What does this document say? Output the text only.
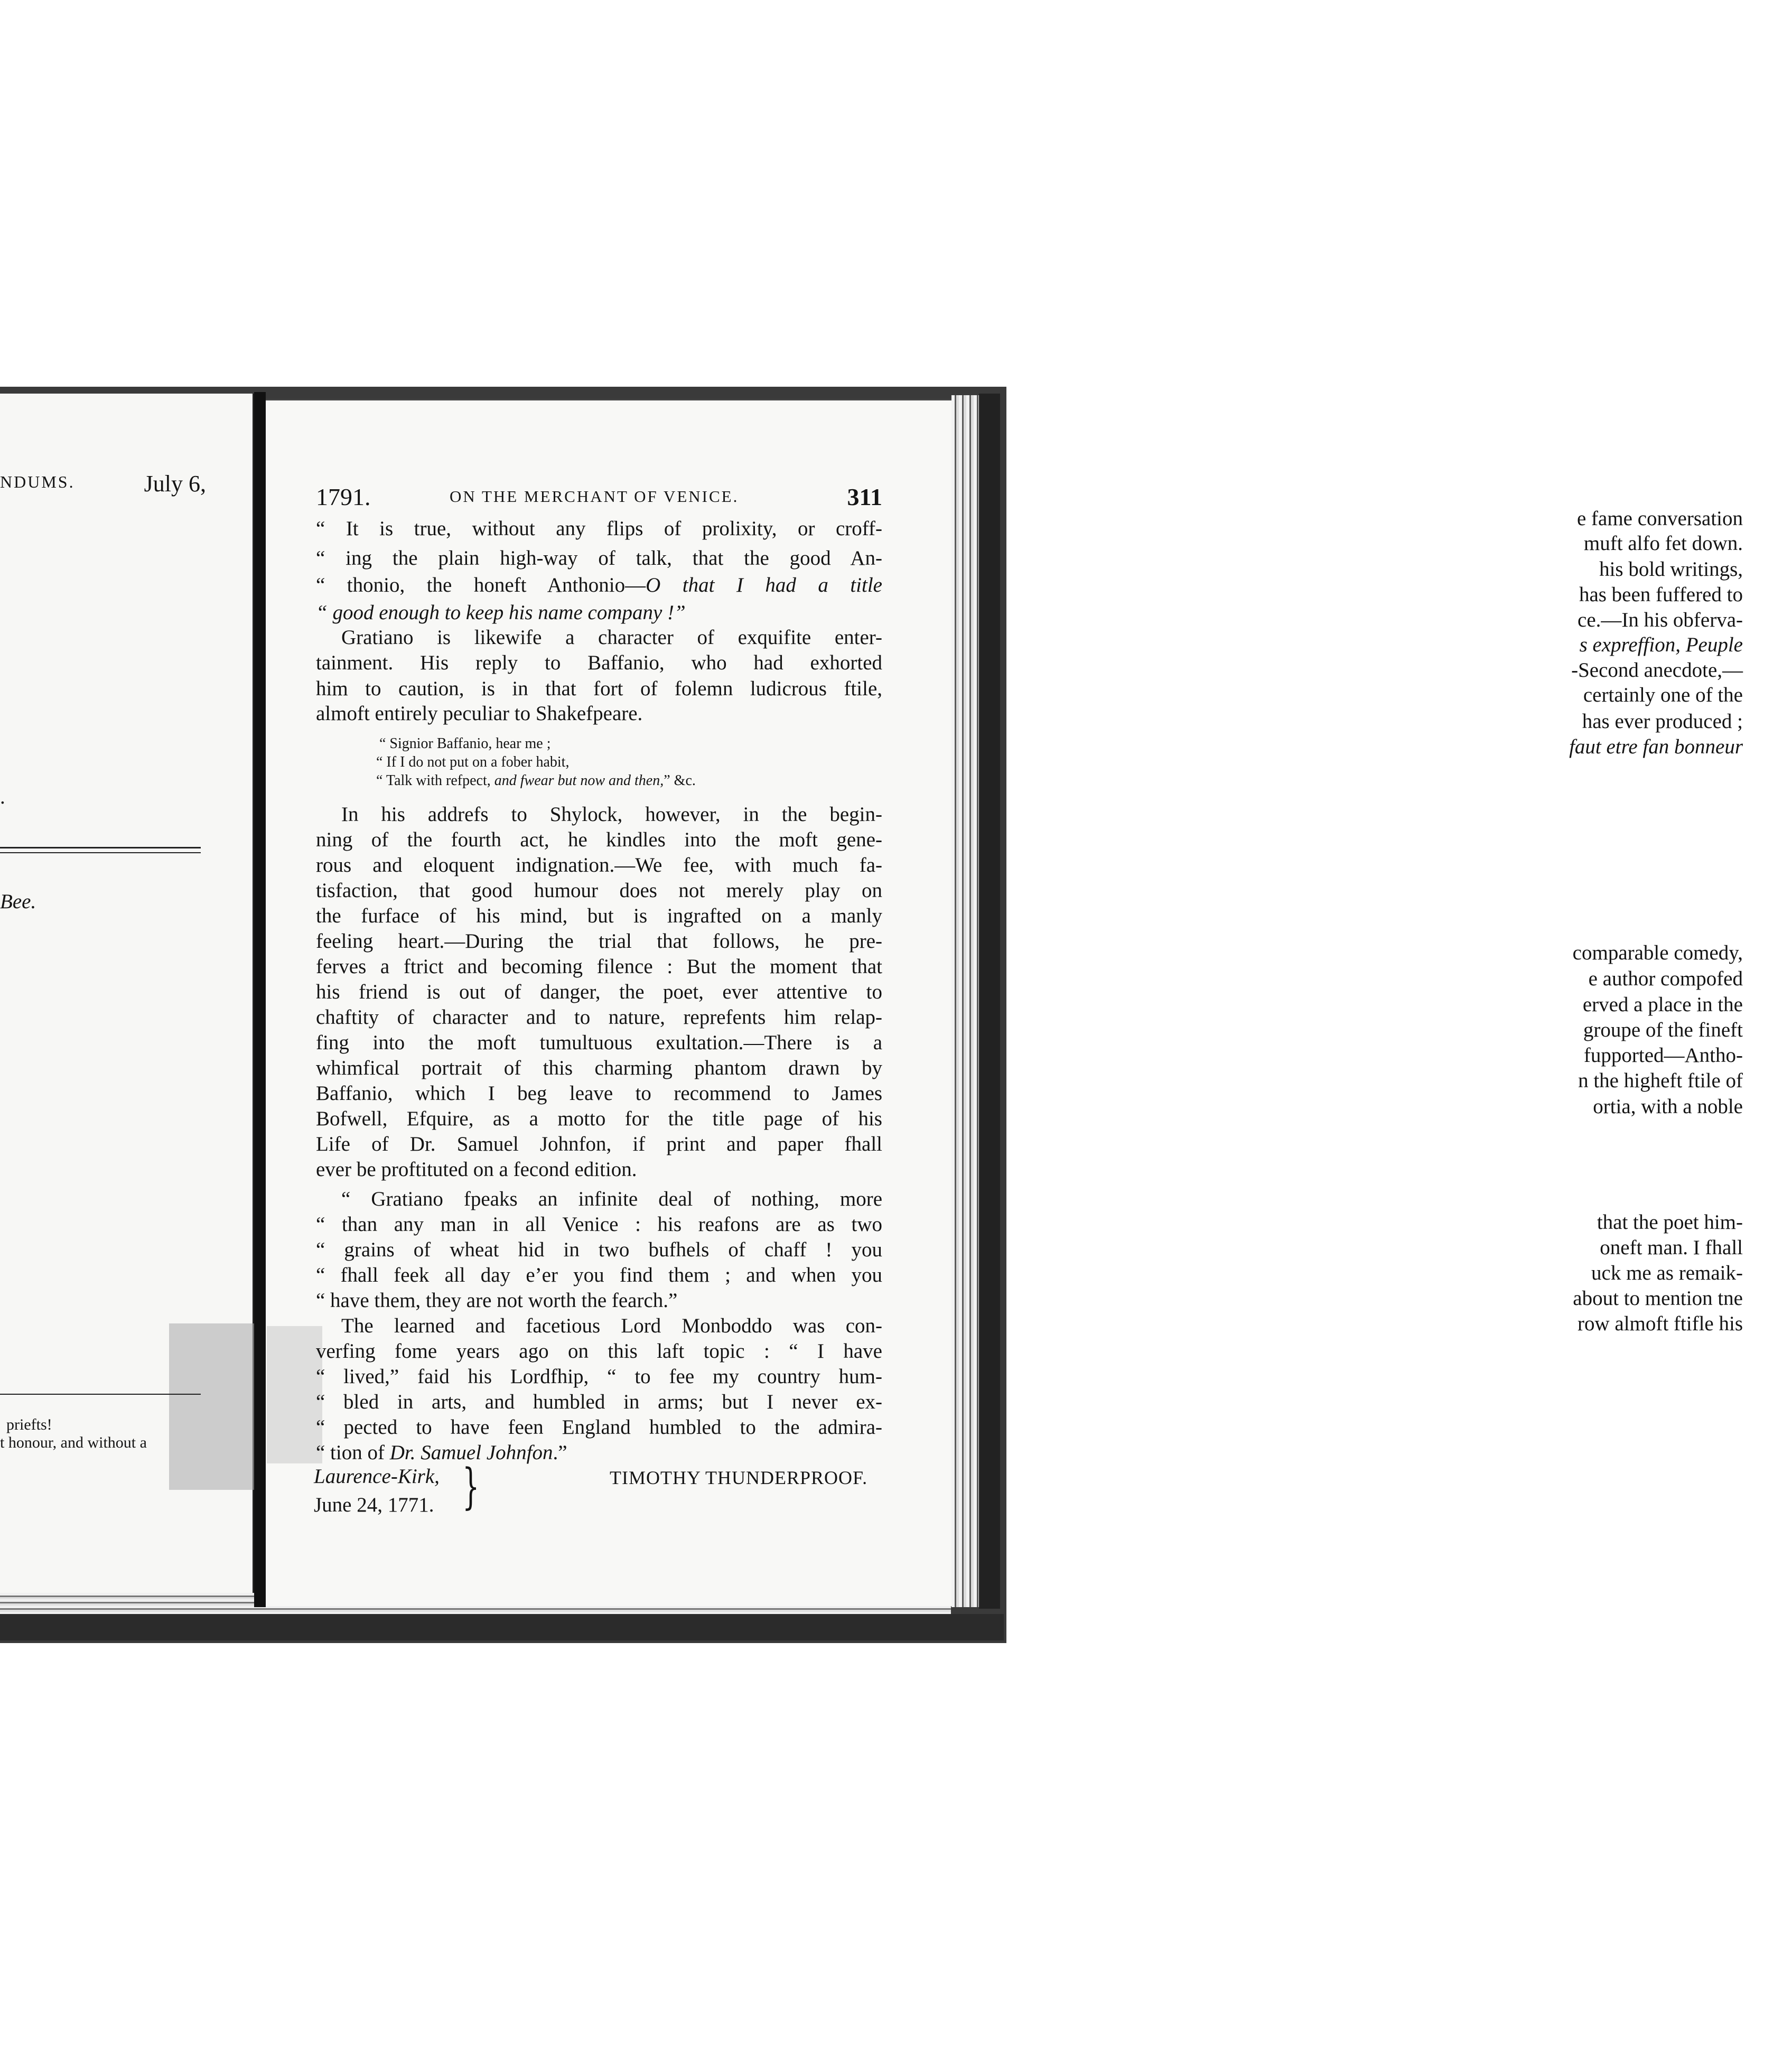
NDUMS.	July 6,
e fame conversation
muft alfo fet down.
his bold writings,
has been fuffered to
ce.—In his obferva-
s expreffion, Peuple
-Second anecdote,—
certainly one of the
has ever produced ;
faut etre fan bonneur
.
Bee.
comparable comedy,
e author compofed
erved a place in the
groupe of the fineft
fupported—Antho-
n the higheft ftile of
ortia, with a noble
that the poet him-
oneft man. I fhall
uck me as remaik-
about to mention tne
row almoft ftifle his
priefts!
t honour, and without a
1791.	ON THE MERCHANT OF VENICE.	311
“ It is true, without any flips of prolixity, or croff-
“ ing the plain high-way of talk, that the good An-
“ thonio, the honeft Anthonio—O that I had a title
“ good enough to keep his name company !”
Gratiano is likewife a character of exquifite enter-
tainment. His reply to Baffanio, who had exhorted
him to caution, is in that fort of folemn ludicrous ftile,
almoft entirely peculiar to Shakefpeare.
“ Signior Baffanio, hear me ;
“ If I do not put on a fober habit,
“ Talk with refpect, and fwear but now and then,” &c.
In his addrefs to Shylock, however, in the begin-
ning of the fourth act, he kindles into the moft gene-
rous and eloquent indignation.—We fee, with much fa-
tisfaction, that good humour does not merely play on
the furface of his mind, but is ingrafted on a manly
feeling heart.—During the trial that follows, he pre-
ferves a ftrict and becoming filence : But the moment that
his friend is out of danger, the poet, ever attentive to
chaftity of character and to nature, reprefents him relap-
fing into the moft tumultuous exultation.—There is a
whimfical portrait of this charming phantom drawn by
Baffanio, which I beg leave to recommend to James
Bofwell, Efquire, as a motto for the title page of his
Life of Dr. Samuel Johnfon, if print and paper fhall
ever be proftituted on a fecond edition.
“ Gratiano fpeaks an infinite deal of nothing, more
“ than any man in all Venice : his reafons are as two
“ grains of wheat hid in two bufhels of chaff ! you
“ fhall feek all day e’er you find them ; and when you
“ have them, they are not worth the fearch.”
The learned and facetious Lord Monboddo was con-
verfing fome years ago on this laft topic : “ I have
“ lived,” faid his Lordfhip, “ to fee my country hum-
“ bled in arts, and humbled in arms; but I never ex-
“ pected to have feen England humbled to the admira-
“ tion of Dr. Samuel Johnfon.”
Laurence-Kirk,
June 24, 1771. }	TIMOTHY THUNDERPROOF.
